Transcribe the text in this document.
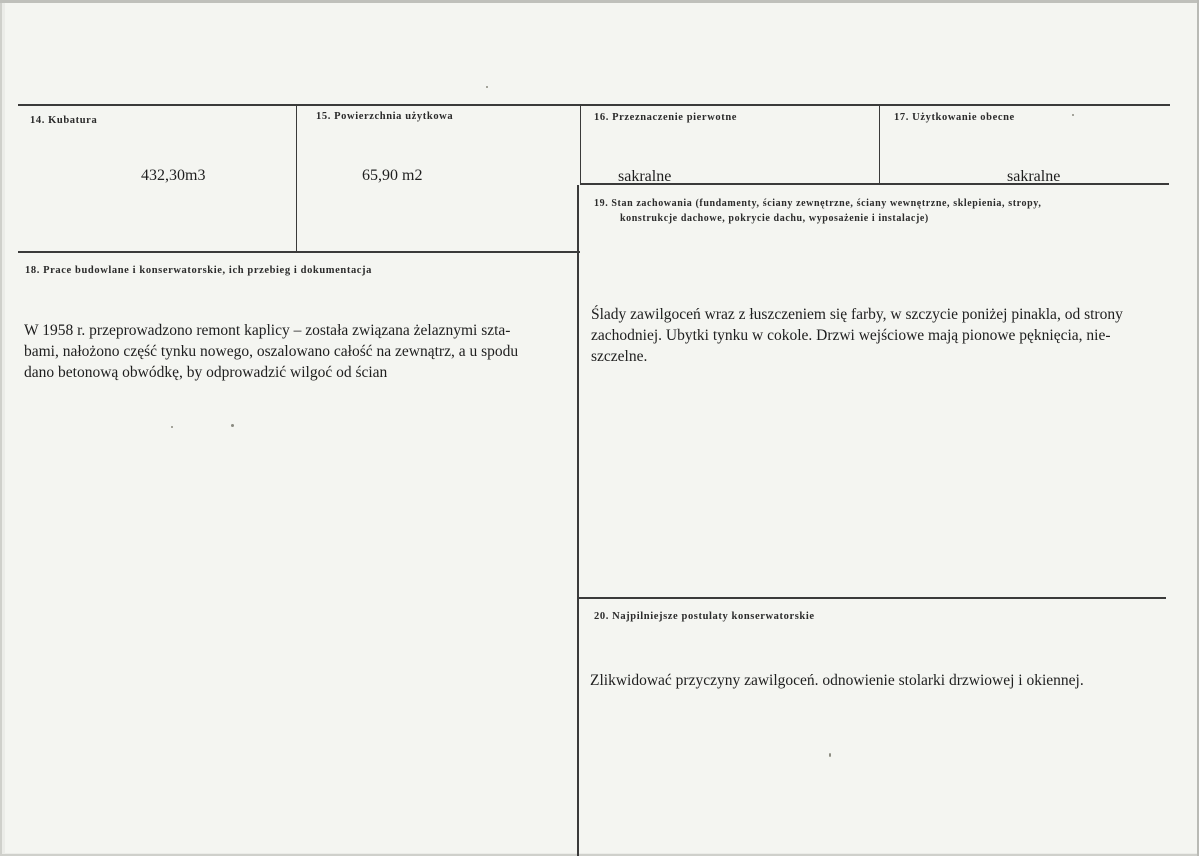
14. Kubatura
432,30m3
15. Powierzchnia użytkowa
65,90 m2
16. Przeznaczenie pierwotne
sakralne
17. Użytkowanie obecne
sakralne
18. Prace budowlane i konserwatorskie, ich przebieg i dokumentacja
W 1958 r. przeprowadzono remont kaplicy – została związana żelaznymi szta-
bami, nałożono część tynku nowego, oszalowano całość na zewnątrz, a u spodu
dano betonową obwódkę, by odprowadzić wilgoć od ścian
19. Stan zachowania (fundamenty, ściany zewnętrzne, ściany wewnętrzne, sklepienia, stropy,
konstrukcje dachowe, pokrycie dachu, wyposażenie i instalacje)
Ślady zawilgoceń wraz z łuszczeniem się farby, w szczycie poniżej pinakla, od strony
zachodniej. Ubytki tynku w cokole. Drzwi wejściowe mają pionowe pęknięcia, nie-
szczelne.
20. Najpilniejsze postulaty konserwatorskie
Zlikwidować przyczyny zawilgoceń. odnowienie stolarki drzwiowej i okiennej.
